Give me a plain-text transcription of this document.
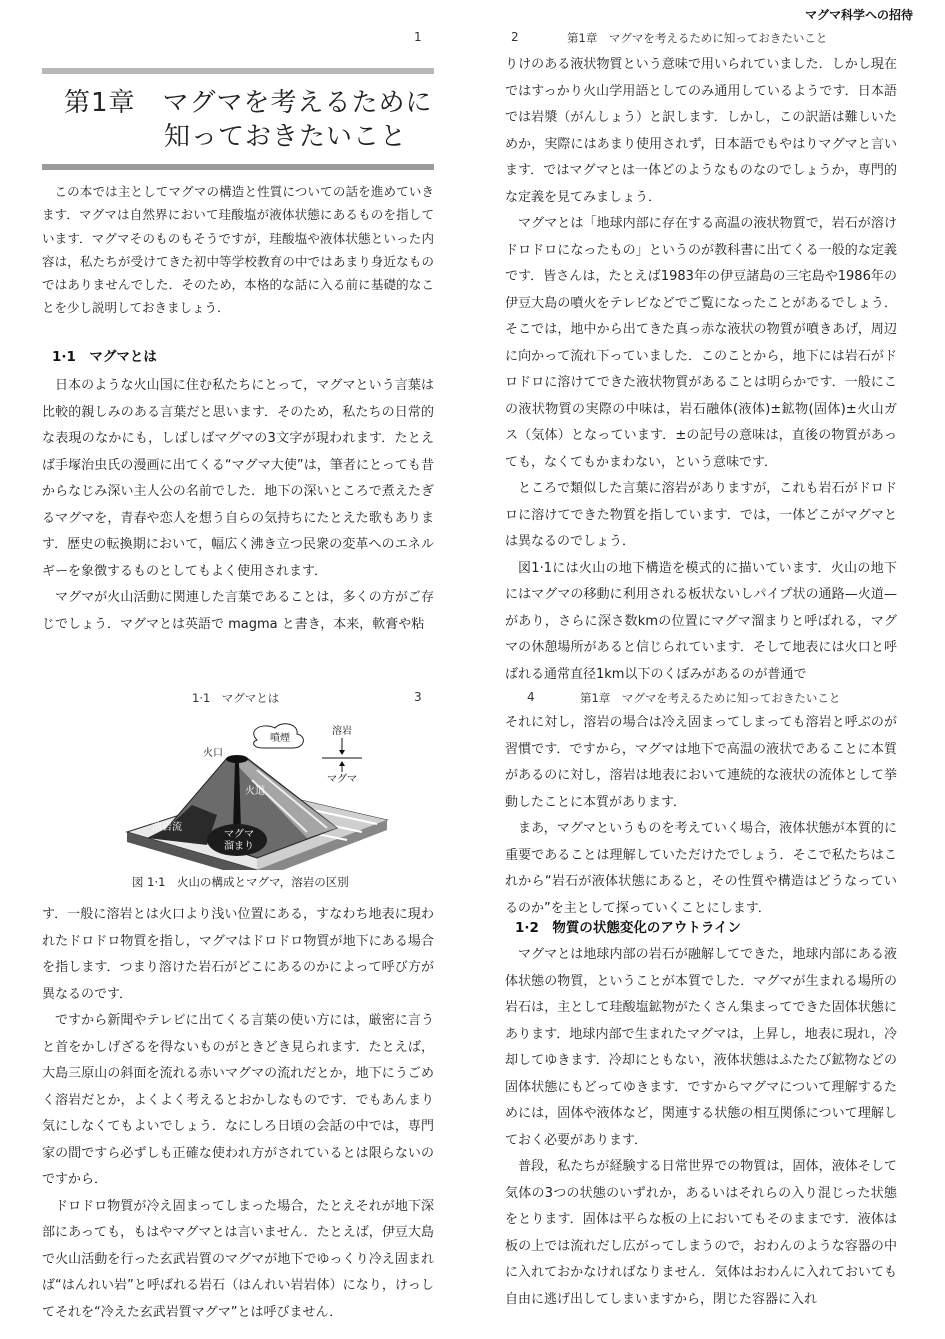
マグマ科学への招待
1
第1章　マグマを考えるために
知っておきたいこと

この本では主としてマグマの構造と性質についての話を進めていきます．マグマは自然界において珪酸塩が液体状態にあるものを指しています．マグマそのものもそうですが，珪酸塩や液体状態といった内容は，私たちが受けてきた初中等学校教育の中ではあまり身近なものではありませんでした．そのため，本格的な話に入る前に基礎的なことを少し説明しておきましょう．

1·1　マグマとは

日本のような火山国に住む私たちにとって，マグマという言葉は比較的親しみのある言葉だと思います．そのため，私たちの日常的な表現のなかにも，しばしばマグマの3文字が現われます．たとえば手塚治虫氏の漫画に出てくる“マグマ大使”は，筆者にとっても昔からなじみ深い主人公の名前でした．地下の深いところで煮えたぎるマグマを，青春や恋人を想う自らの気持ちにたとえた歌もあります．歴史の転換期において，幅広く沸き立つ民衆の変革へのエネルギーを象徴するものとしてもよく使用されます．

マグマが火山活動に関連した言葉であることは，多くの方がご存じでしょう．マグマとは英語で magma と書き，本来，軟膏や粘

2	第1章　マグマを考えるために知っておきたいこと

りけのある液状物質という意味で用いられていました．しかし現在ではすっかり火山学用語としてのみ通用しているようです．日本語では岩漿（がんしょう）と訳します．しかし，この訳語は難しいためか，実際にはあまり使用されず，日本語でもやはりマグマと言います．ではマグマとは一体どのようなものなのでしょうか，専門的な定義を見てみましょう．

マグマとは「地球内部に存在する高温の液状物質で，岩石が溶けドロドロになったもの」というのが教科書に出てくる一般的な定義です．皆さんは，たとえば1983年の伊豆諸島の三宅島や1986年の伊豆大島の噴火をテレビなどでご覧になったことがあるでしょう．そこでは，地中から出てきた真っ赤な液状の物質が噴きあげ，周辺に向かって流れ下っていました．このことから，地下には岩石がドロドロに溶けてできた液状物質があることは明らかです．一般にこの液状物質の実際の中味は，岩石融体(液体)±鉱物(固体)±火山ガス（気体）となっています．±の記号の意味は，直後の物質があっても，なくてもかまわない，という意味です．

ところで類似した言葉に溶岩がありますが，これも岩石がドロドロに溶けてできた物質を指しています．では，一体どこがマグマとは異なるのでしょう．

図1·1には火山の地下構造を模式的に描いています．火山の地下にはマグマの移動に利用される板状ないしパイプ状の通路—火道—があり，さらに深さ数kmの位置にマグマ溜まりと呼ばれる，マグマの休憩場所があると信じられています．そして地表には火口と呼ばれる通常直径1km以下のくぼみがあるのが普通で

1·1　マグマとは	3
噴煙
火口
火道
溶岩流
マグマ
溜まり
溶岩
マグマ
図 1·1　火山の構成とマグマ，溶岩の区別

す．一般に溶岩とは火口より浅い位置にある，すなわち地表に現われたドロドロ物質を指し，マグマはドロドロ物質が地下にある場合を指します．つまり溶けた岩石がどこにあるのかによって呼び方が異なるのです．

ですから新聞やテレビに出てくる言葉の使い方には，厳密に言うと首をかしげざるを得ないものがときどき見られます．たとえば，大島三原山の斜面を流れる赤いマグマの流れだとか，地下にうごめく溶岩だとか，よくよく考えるとおかしなものです．でもあんまり気にしなくてもよいでしょう．なにしろ日頃の会話の中では，専門家の間ですら必ずしも正確な使われ方がされているとは限らないのですから．

ドロドロ物質が冷え固まってしまった場合，たとえそれが地下深部にあっても，もはやマグマとは言いません．たとえば，伊豆大島で火山活動を行った玄武岩質のマグマが地下でゆっくり冷え固まれば“はんれい岩”と呼ばれる岩石（はんれい岩岩体）になり，けっしてそれを“冷えた玄武岩質マグマ”とは呼びません．

4	第1章　マグマを考えるために知っておきたいこと

それに対し，溶岩の場合は冷え固まってしまっても溶岩と呼ぶのが習慣です．ですから，マグマは地下で高温の液状であることに本質があるのに対し，溶岩は地表において連続的な液状の流体として挙動したことに本質があります．

まあ，マグマというものを考えていく場合，液体状態が本質的に重要であることは理解していただけたでしょう．そこで私たちはこれから“岩石が液体状態にあると，その性質や構造はどうなっているのか”を主として探っていくことにします．

1·2　物質の状態変化のアウトライン

マグマとは地球内部の岩石が融解してできた，地球内部にある液体状態の物質，ということが本質でした．マグマが生まれる場所の岩石は，主として珪酸塩鉱物がたくさん集まってできた固体状態にあります．地球内部で生まれたマグマは，上昇し，地表に現れ，冷却してゆきます．冷却にともない，液体状態はふたたび鉱物などの固体状態にもどってゆきます．ですからマグマについて理解するためには，固体や液体など，関連する状態の相互関係について理解しておく必要があります．

普段，私たちが経験する日常世界での物質は，固体，液体そして気体の3つの状態のいずれか，あるいはそれらの入り混じった状態をとります．固体は平らな板の上においてもそのままです．液体は板の上では流れだし広がってしまうので，おわんのような容器の中に入れておかなければなりません．気体はおわんに入れておいても自由に逃げ出してしまいますから，閉じた容器に入れ
